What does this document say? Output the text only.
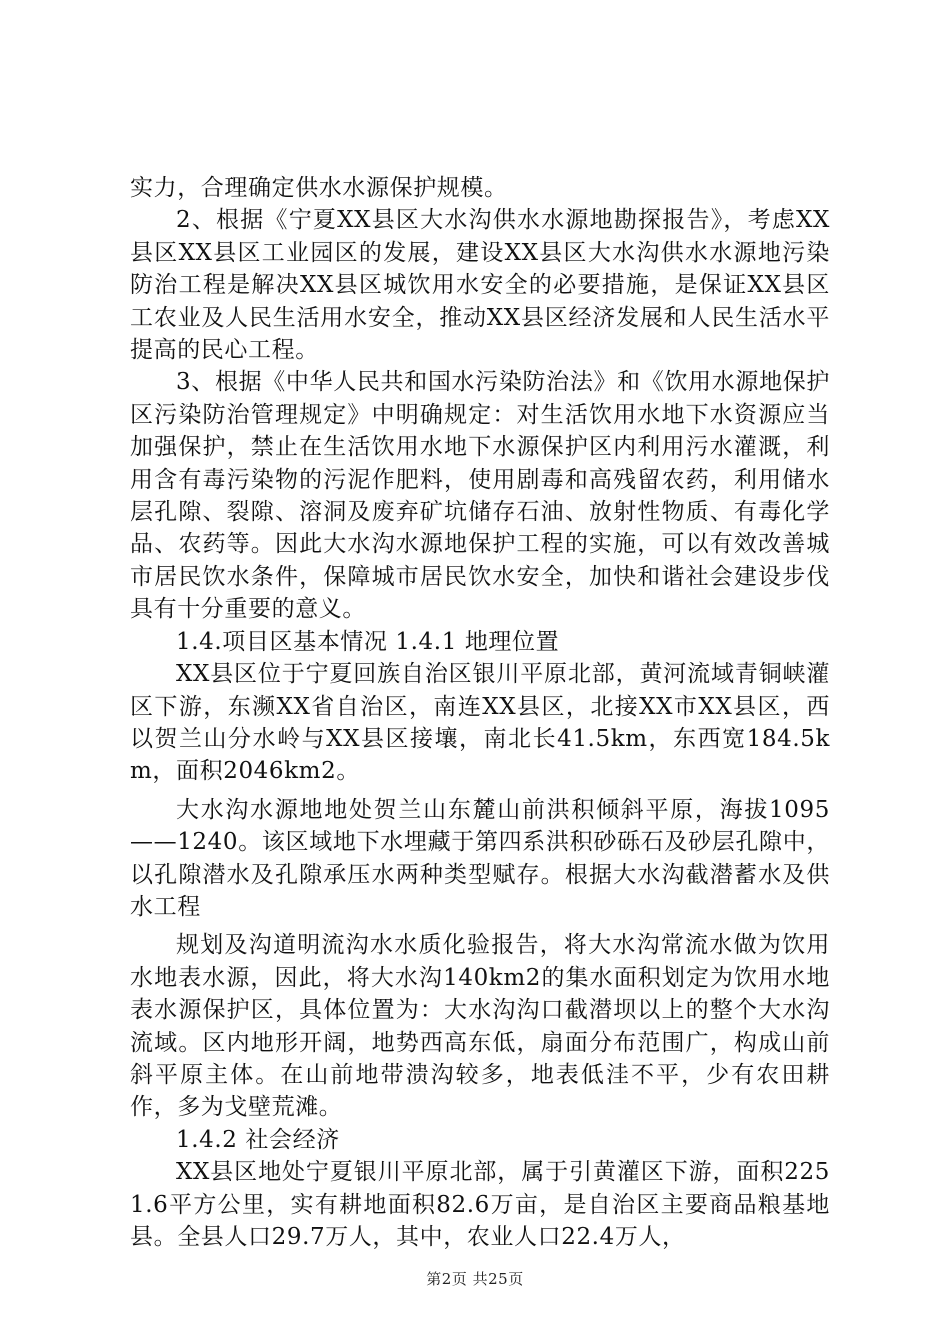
实力，合理确定供水水源保护规模。

2、根据《宁夏XX县区大水沟供水水源地勘探报告》，考虑XX县区XX县区工业园区的发展，建设XX县区大水沟供水水源地污染防治工程是解决XX县区城饮用水安全的必要措施，是保证XX县区工农业及人民生活用水安全，推动XX县区经济发展和人民生活水平提高的民心工程。

3、根据《中华人民共和国水污染防治法》和《饮用水源地保护区污染防治管理规定》中明确规定：对生活饮用水地下水资源应当加强保护，禁止在生活饮用水地下水源保护区内利用污水灌溉，利用含有毒污染物的污泥作肥料，使用剧毒和高残留农药，利用储水层孔隙、裂隙、溶洞及废弃矿坑储存石油、放射性物质、有毒化学品、农药等。因此大水沟水源地保护工程的实施，可以有效改善城市居民饮水条件，保障城市居民饮水安全，加快和谐社会建设步伐具有十分重要的意义。

1.4.项目区基本情况 1.4.1 地理位置

XX县区位于宁夏回族自治区银川平原北部，黄河流域青铜峡灌区下游，东濒XX省自治区，南连XX县区，北接XX市XX县区，西以贺兰山分水岭与XX县区接壤，南北长41.5km，东西宽184.5km，面积2046km2。

大水沟水源地地处贺兰山东麓山前洪积倾斜平原，海拔1095——1240。该区域地下水埋藏于第四系洪积砂砾石及砂层孔隙中，以孔隙潜水及孔隙承压水两种类型赋存。根据大水沟截潜蓄水及供水工程

规划及沟道明流沟水水质化验报告，将大水沟常流水做为饮用水地表水源，因此，将大水沟140km2的集水面积划定为饮用水地表水源保护区，具体位置为：大水沟沟口截潜坝以上的整个大水沟流域。区内地形开阔，地势西高东低，扇面分布范围广，构成山前斜平原主体。在山前地带溃沟较多，地表低洼不平，少有农田耕作，多为戈壁荒滩。

1.4.2 社会经济

XX县区地处宁夏银川平原北部，属于引黄灌区下游，面积2251.6平方公里，实有耕地面积82.6万亩，是自治区主要商品粮基地县。全县人口29.7万人，其中，农业人口22.4万人，

第2页 共25页
